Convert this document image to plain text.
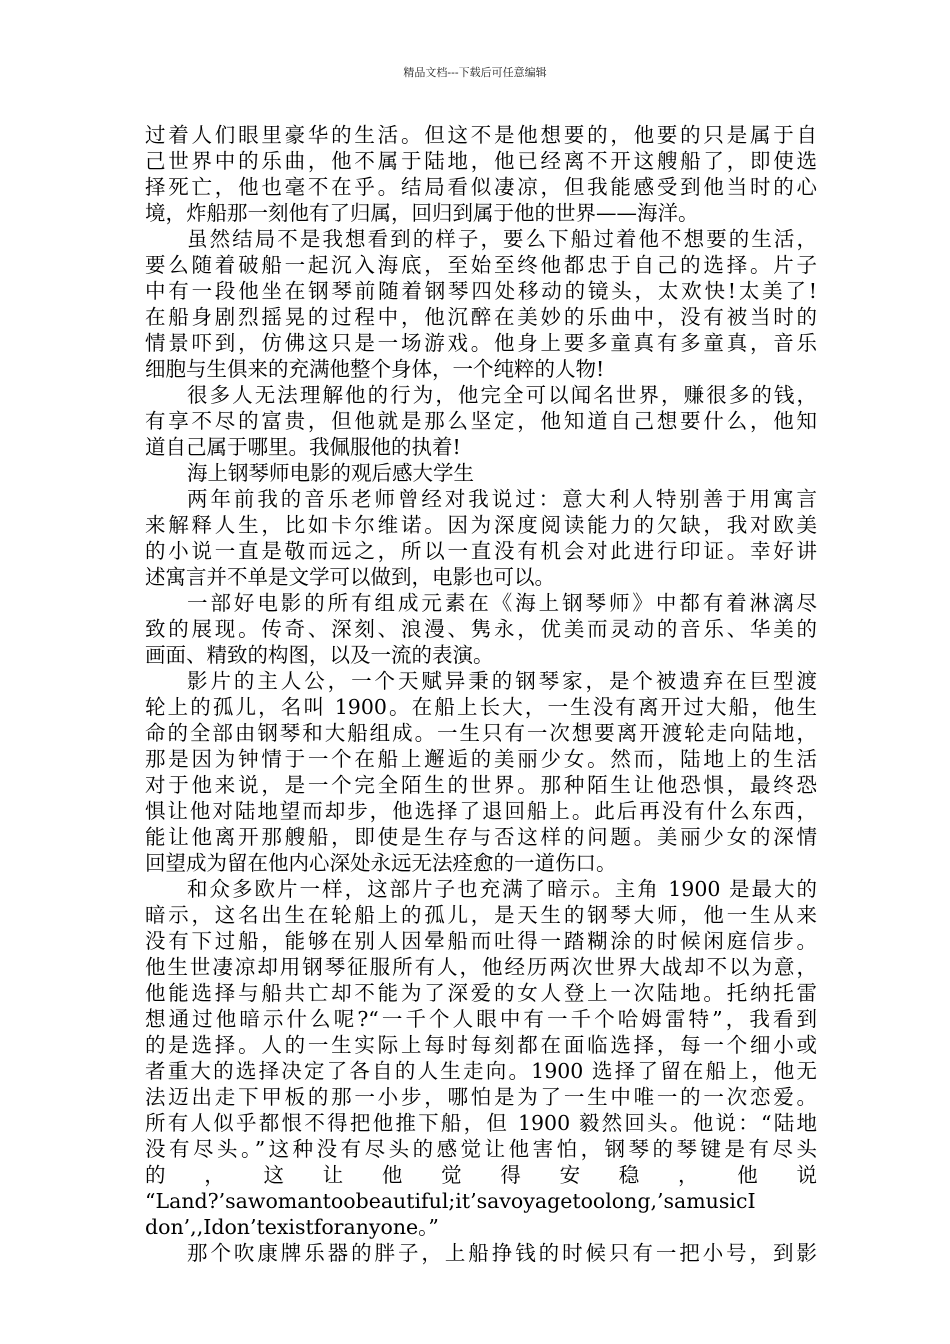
精品文档---下载后可任意编辑
过着人们眼里豪华的生活。但这不是他想要的，他要的只是属于自
己世界中的乐曲，他不属于陆地，他已经离不开这艘船了，即使选
择死亡，他也毫不在乎。结局看似凄凉，但我能感受到他当时的心
境，炸船那一刻他有了归属，回归到属于他的世界——海洋。
虽然结局不是我想看到的样子，要么下船过着他不想要的生活，
要么随着破船一起沉入海底，至始至终他都忠于自己的选择。片子
中有一段他坐在钢琴前随着钢琴四处移动的镜头，太欢快!太美了!
在船身剧烈摇晃的过程中，他沉醉在美妙的乐曲中，没有被当时的
情景吓到，仿佛这只是一场游戏。他身上要多童真有多童真，音乐
细胞与生俱来的充满他整个身体，一个纯粹的人物!
很多人无法理解他的行为，他完全可以闻名世界，赚很多的钱，
有享不尽的富贵，但他就是那么坚定，他知道自己想要什么，他知
道自己属于哪里。我佩服他的执着!
海上钢琴师电影的观后感大学生
两年前我的音乐老师曾经对我说过：意大利人特别善于用寓言
来解释人生，比如卡尔维诺。因为深度阅读能力的欠缺，我对欧美
的小说一直是敬而远之，所以一直没有机会对此进行印证。幸好讲
述寓言并不单是文学可以做到，电影也可以。
一部好电影的所有组成元素在《海上钢琴师》中都有着淋漓尽
致的展现。传奇、深刻、浪漫、隽永，优美而灵动的音乐、华美的
画面、精致的构图，以及一流的表演。
影片的主人公，一个天赋异秉的钢琴家，是个被遗弃在巨型渡
轮上的孤儿，名叫 1900。在船上长大，一生没有离开过大船，他生
命的全部由钢琴和大船组成。一生只有一次想要离开渡轮走向陆地，
那是因为钟情于一个在船上邂逅的美丽少女。然而，陆地上的生活
对于他来说，是一个完全陌生的世界。那种陌生让他恐惧，最终恐
惧让他对陆地望而却步，他选择了退回船上。此后再没有什么东西，
能让他离开那艘船，即使是生存与否这样的问题。美丽少女的深情
回望成为留在他内心深处永远无法痊愈的一道伤口。
和众多欧片一样，这部片子也充满了暗示。主角 1900 是最大的
暗示，这名出生在轮船上的孤儿，是天生的钢琴大师，他一生从来
没有下过船，能够在别人因晕船而吐得一踏糊涂的时候闲庭信步。
他生世凄凉却用钢琴征服所有人，他经历两次世界大战却不以为意，
他能选择与船共亡却不能为了深爱的女人登上一次陆地。托纳托雷
想通过他暗示什么呢?“一千个人眼中有一千个哈姆雷特”，我看到
的是选择。人的一生实际上每时每刻都在面临选择，每一个细小或
者重大的选择决定了各自的人生走向。1900 选择了留在船上，他无
法迈出走下甲板的那一小步，哪怕是为了一生中唯一的一次恋爱。
所有人似乎都恨不得把他推下船，但 1900 毅然回头。他说：“陆地
没有尽头。”这种没有尽头的感觉让他害怕，钢琴的琴键是有尽头
的 ， 这 让 他 觉 得 安 稳 ， 他 说
“Land?’sawomantoobeautiful;it’savoyagetoolong,’samusicI
don’,,Idon’texistforanyone。”
那个吹康牌乐器的胖子，上船挣钱的时候只有一把小号，到影
